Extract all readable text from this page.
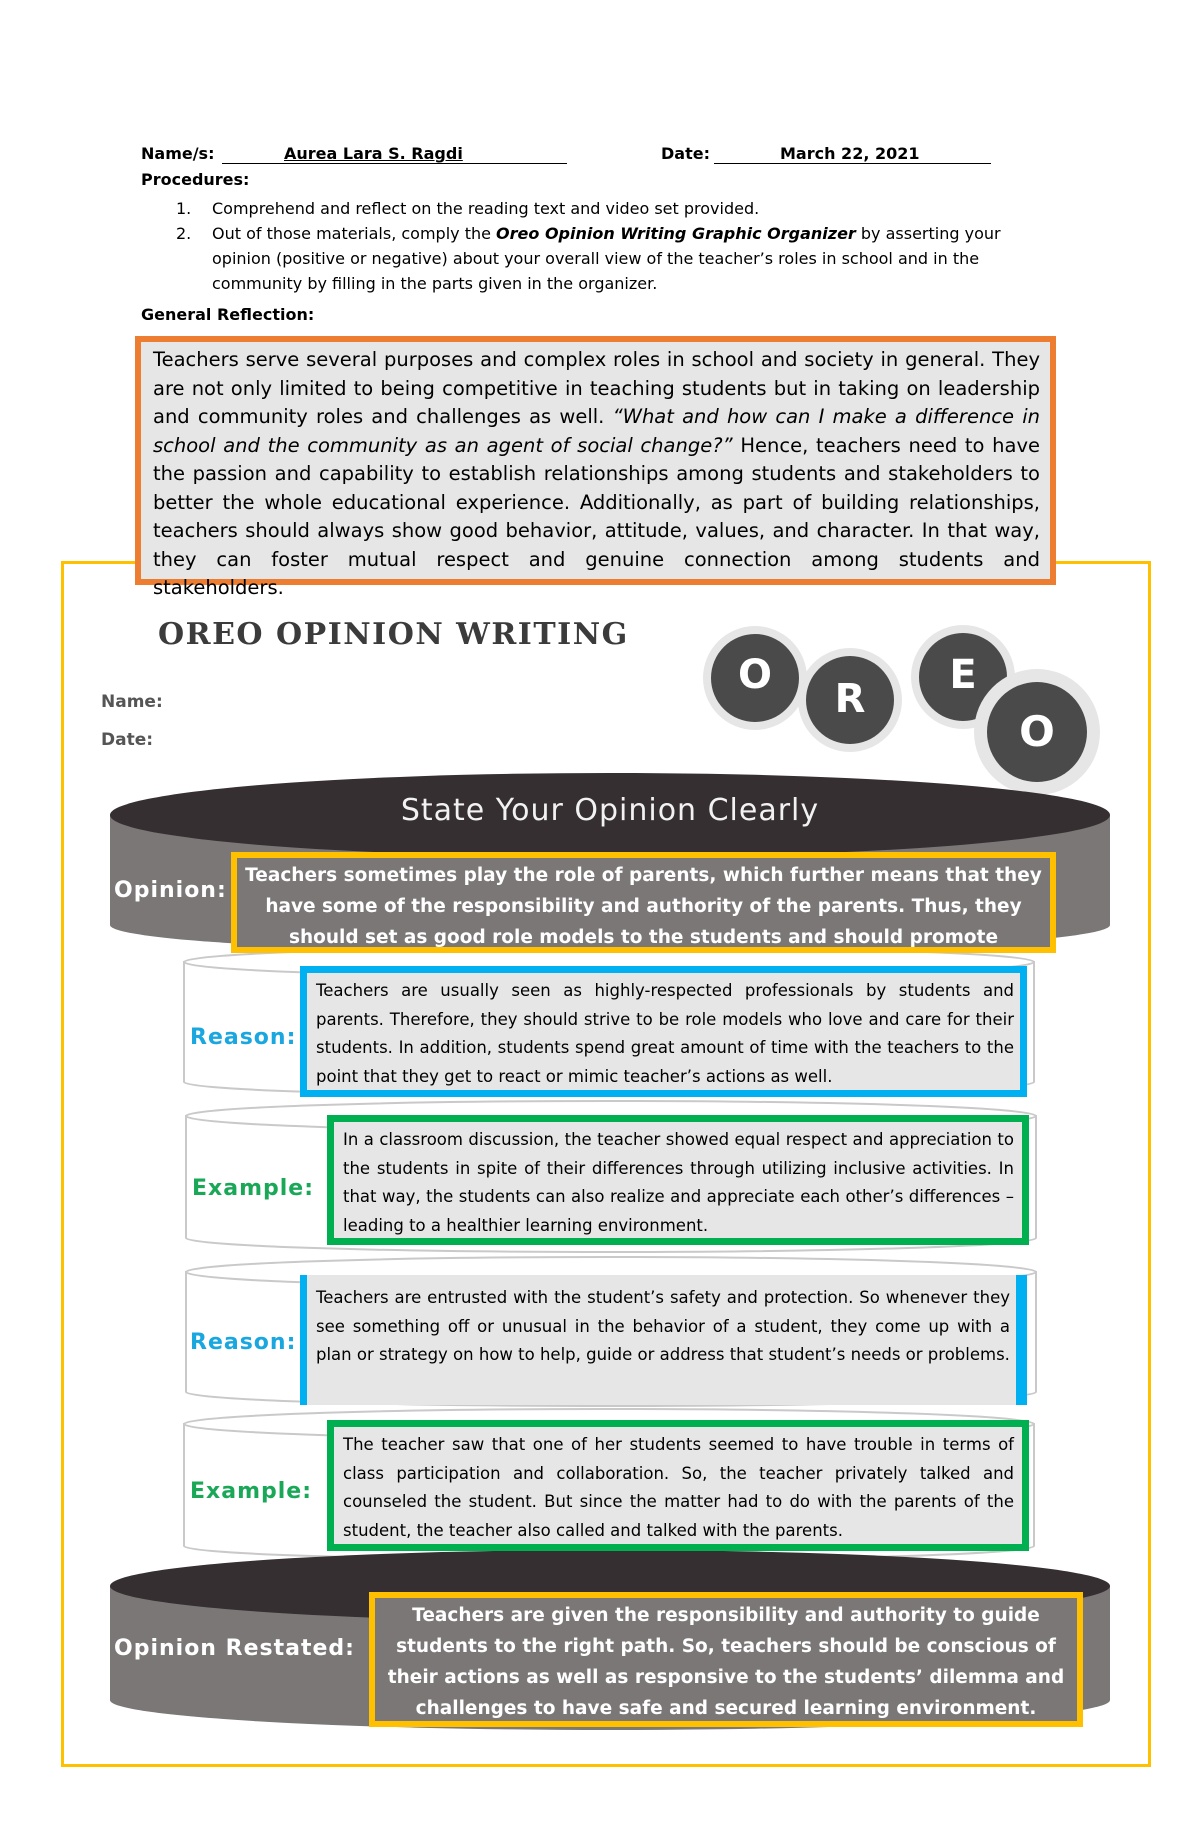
Name/s:	Aurea Lara S. Ragdi	Date:	March 22, 2021
Procedures:
1. Comprehend and reflect on the reading text and video set provided.
2. Out of those materials, comply the Oreo Opinion Writing Graphic Organizer by asserting your opinion (positive or negative) about your overall view of the teacher’s roles in school and in the community by filling in the parts given in the organizer.
General Reflection:
O
R
E
O
OREO OPINION WRITING
Name:
Date:
State Your Opinion Clearly
Teachers serve several purposes and complex roles in school and society in general. They are not only limited to being competitive in teaching students but in taking on leadership and community roles and challenges as well. “What and how can I make a difference in school and the community as an agent of social change?” Hence, teachers need to have the passion and capability to establish relationships among students and stakeholders to better the whole educational experience. Additionally, as part of building relationships, teachers should always show good behavior, attitude, values, and character. In that way, they can foster mutual respect and genuine connection among students and stakeholders.
Opinion:
Teachers sometimes play the role of parents, which further means that they have some of the responsibility and authority of the parents. Thus, they should set as good role models to the students and should promote
Reason:
Teachers are usually seen as highly-respected professionals by students and parents. Therefore, they should strive to be role models who love and care for their students. In addition, students spend great amount of time with the teachers to the point that they get to react or mimic teacher’s actions as well.
Example:
In a classroom discussion, the teacher showed equal respect and appreciation to the students in spite of their differences through utilizing inclusive activities. In that way, the students can also realize and appreciate each other’s differences – leading to a healthier learning environment.
Reason:
Teachers are entrusted with the student’s safety and protection. So whenever they see something off or unusual in the behavior of a student, they come up with a plan or strategy on how to help, guide or address that student’s needs or problems.
Example:
The teacher saw that one of her students seemed to have trouble in terms of class participation and collaboration. So, the teacher privately talked and counseled the student. But since the matter had to do with the parents of the student, the teacher also called and talked with the parents.
Opinion Restated:
Teachers are given the responsibility and authority to guide students to the right path. So, teachers should be conscious of their actions as well as responsive to the students’ dilemma and challenges to have safe and secured learning environment.
